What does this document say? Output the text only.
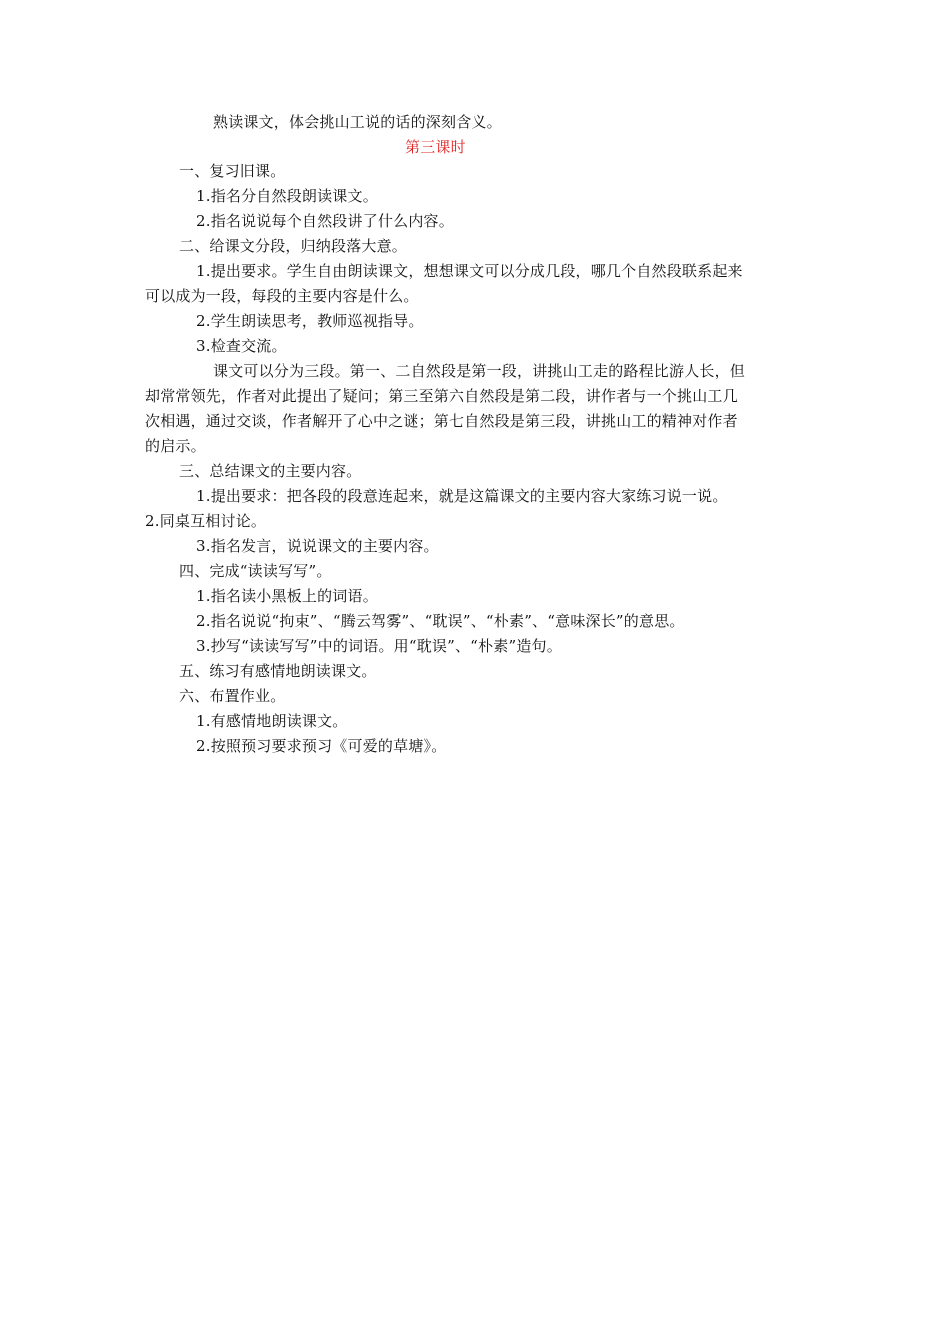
熟读课文，体会挑山工说的话的深刻含义。
第三课时
一、复习旧课。
1.指名分自然段朗读课文。
2.指名说说每个自然段讲了什么内容。
二、给课文分段，归纳段落大意。
1.提出要求。学生自由朗读课文，想想课文可以分成几段，哪几个自然段联系起来
可以成为一段，每段的主要内容是什么。
2.学生朗读思考，教师巡视指导。
3.检查交流。
课文可以分为三段。第一、二自然段是第一段，讲挑山工走的路程比游人长，但
却常常领先，作者对此提出了疑问；第三至第六自然段是第二段，讲作者与一个挑山工几
次相遇，通过交谈，作者解开了心中之谜；第七自然段是第三段，讲挑山工的精神对作者
的启示。
三、总结课文的主要内容。
1.提出要求：把各段的段意连起来，就是这篇课文的主要内容大家练习说一说。
2.同桌互相讨论。
3.指名发言，说说课文的主要内容。
四、完成“读读写写”。
1.指名读小黑板上的词语。
2.指名说说“拘束”、“腾云驾雾”、“耽误”、“朴素”、“意味深长”的意思。
3.抄写“读读写写”中的词语。用“耽误”、“朴素”造句。
五、练习有感情地朗读课文。
六、布置作业。
1.有感情地朗读课文。
2.按照预习要求预习《可爱的草塘》。
